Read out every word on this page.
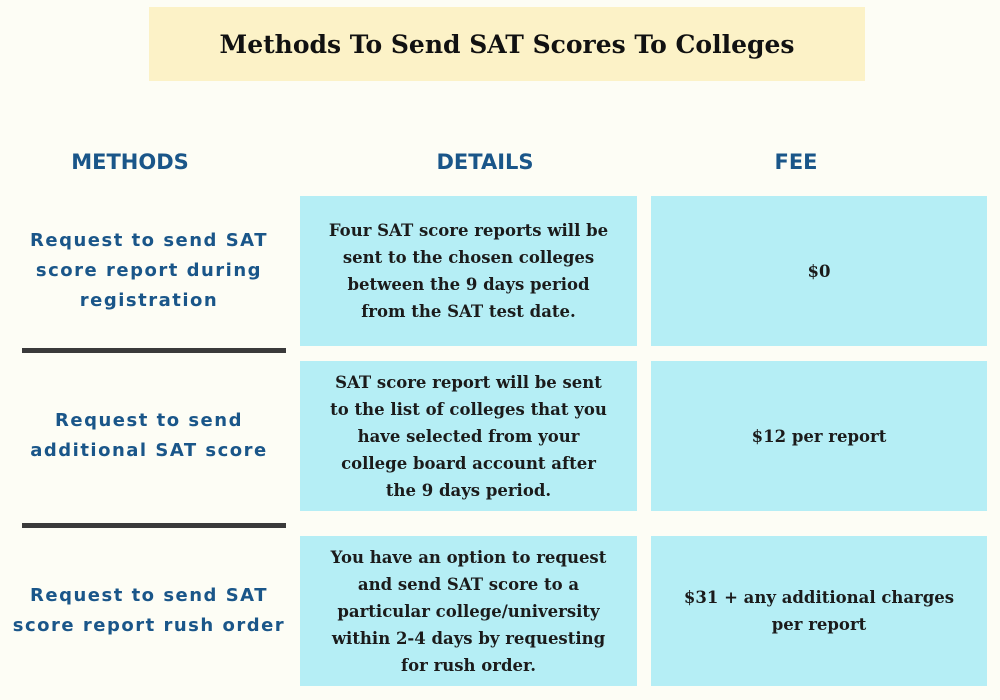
Methods To Send SAT Scores To Colleges
METHODS	DETAILS	FEE
Request to send SAT score report during registration
Four SAT score reports will be sent to the chosen colleges between the 9 days period from the SAT test date.
$0
Request to send additional SAT score
SAT score report will be sent to the list of colleges that you have selected from your college board account after the 9 days period.
$12 per report
Request to send SAT score report rush order
You have an option to request and send SAT score to a particular college/university within 2-4 days by requesting for rush order.
$31 + any additional charges per report
